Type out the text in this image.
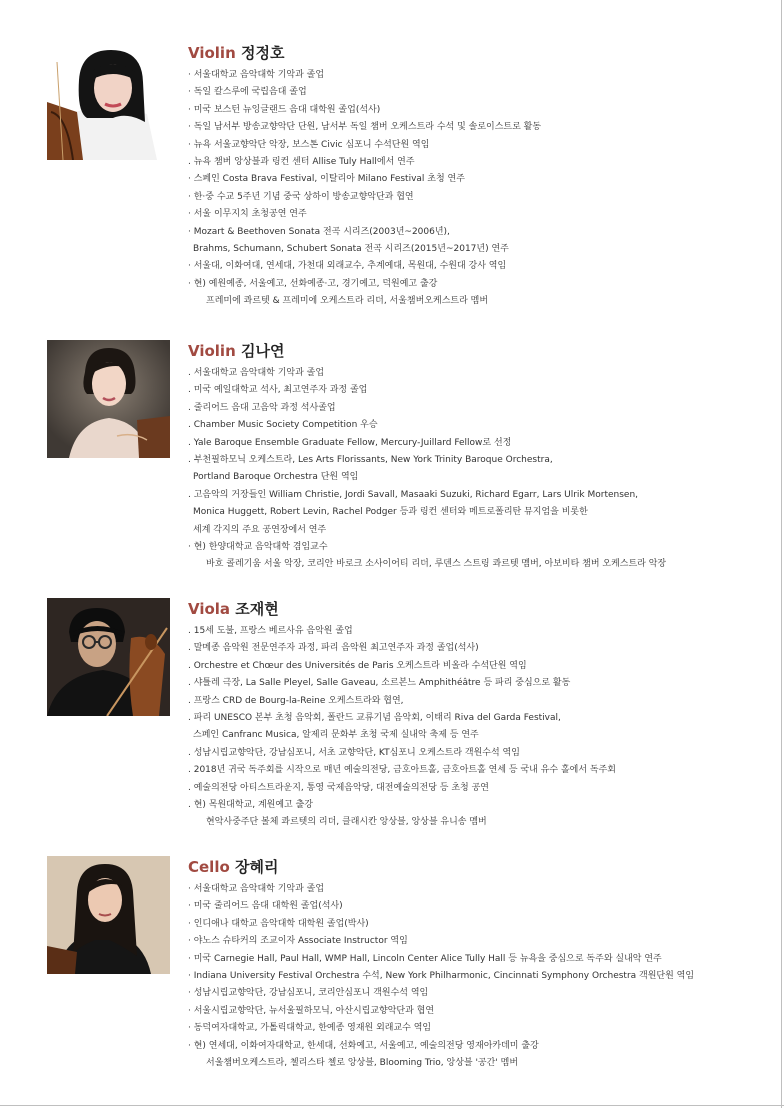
Violin 정정호
· 서울대학교 음악대학 기악과 졸업
· 독일 칼스루에 국립음대 졸업
· 미국 보스턴 뉴잉글랜드 음대 대학원 졸업(석사)
· 독일 남서부 방송교향악단 단원, 남서부 독일 챔버 오케스트라 수석 및 솔로이스트로 활동
· 뉴욕 서울교향악단 악장, 보스톤 Civic 심포니 수석단원 역임
. 뉴욕 챔버 앙상블과 링컨 센터 Allise Tuly Hall에서 연주
· 스페인 Costa Brava Festival, 이탈리아 Milano Festival 초청 연주
· 한·중 수교 5주년 기념 중국 상하이 방송교향악단과 협연
· 서울 이무지치 초청공연 연주
· Mozart & Beethoven Sonata 전곡 시리즈(2003년~2006년),
Brahms, Schumann, Schubert Sonata 전곡 시리즈(2015년~2017년) 연주
· 서울대, 이화여대, 연세대, 가천대 외래교수, 추계예대, 목원대, 수원대 강사 역임
· 현) 예원예종, 서울예고, 선화예종·고, 경기예고, 덕원예고 출강
프레미에 콰르텟 & 프레미에 오케스트라 리더, 서울챔버오케스트라 멤버
Violin 김나연
. 서울대학교 음악대학 기악과 졸업
. 미국 예일대학교 석사, 최고연주자 과정 졸업
. 줄리어드 음대 고음악 과정 석사졸업
. Chamber Music Society Competition 우승
. Yale Baroque Ensemble Graduate Fellow, Mercury-Juillard Fellow로 선정
. 부천필하모닉 오케스트라, Les Arts Florissants, New York Trinity Baroque Orchestra,
Portland Baroque Orchestra 단원 역임
. 고음악의 거장들인 William Christie, Jordi Savall, Masaaki Suzuki, Richard Egarr, Lars Ulrik Mortensen,
Monica Huggett, Robert Levin, Rachel Podger 등과 링컨 센터와 메트로폴리탄 뮤지엄을 비롯한
세계 각지의 주요 공연장에서 연주
· 현) 한양대학교 음악대학 겸임교수
바흐 콜레기움 서울 악장, 코리안 바로크 소사이어티 리더, 루덴스 스트링 콰르텟 멤버, 아보비타 챔버 오케스트라 악장
Viola 조재현
. 15세 도불, 프랑스 베르사유 음악원 졸업
. 말메종 음악원 전문연주자 과정, 파리 음악원 최고연주자 과정 졸업(석사)
. Orchestre et Chœur des Universités de Paris 오케스트라 비올라 수석단원 역임
. 샤틀레 극장, La Salle Pleyel, Salle Gaveau, 소르본느 Amphithéâtre 등 파리 중심으로 활동
. 프랑스 CRD de Bourg-la-Reine 오케스트라와 협연,
. 파리 UNESCO 본부 초청 음악회, 폴란드 교류기념 음악회, 이태리 Riva del Garda Festival,
스페인 Canfranc Musica, 알제리 문화부 초청 국제 실내악 축제 등 연주
. 성남시립교향악단, 강남심포니, 서초 교향악단, KT심포니 오케스트라 객원수석 역임
. 2018년 귀국 독주회를 시작으로 매년 예술의전당, 금호아트홀, 금호아트홀 연세 등 국내 유수 홀에서 독주회
. 예술의전당 아티스트라운지, 통영 국제음악당, 대전예술의전당 등 초청 공연
. 현) 목원대학교, 계원예고 출강
현악사중주단 볼체 콰르텟의 리더, 클래시칸 앙상블, 앙상블 유니송 멤버
Cello 장혜리
· 서울대학교 음악대학 기악과 졸업
· 미국 줄리어드 음대 대학원 졸업(석사)
· 인디애나 대학교 음악대학 대학원 졸업(박사)
· 야노스 슈타커의 조교이자 Associate Instructor 역임
· 미국 Carnegie Hall, Paul Hall, WMP Hall, Lincoln Center Alice Tully Hall 등 뉴욕을 중심으로 독주와 실내악 연주
· Indiana University Festival Orchestra 수석, New York Philharmonic, Cincinnati Symphony Orchestra 객원단원 역임
· 성남시립교향악단, 강남심포니, 코리안심포니 객원수석 역임
· 서울시립교향악단, 뉴서울필하모닉, 아산시립교향악단과 협연
· 동덕여자대학교, 가톨릭대학교, 한예종 영재원 외래교수 역임
· 현) 연세대, 이화여자대학교, 한세대, 선화예고, 서울예고, 예술의전당 영재아카데미 출강
서울챔버오케스트라, 첼리스타 첼로 앙상블, Blooming Trio, 앙상블 '공간' 멤버
